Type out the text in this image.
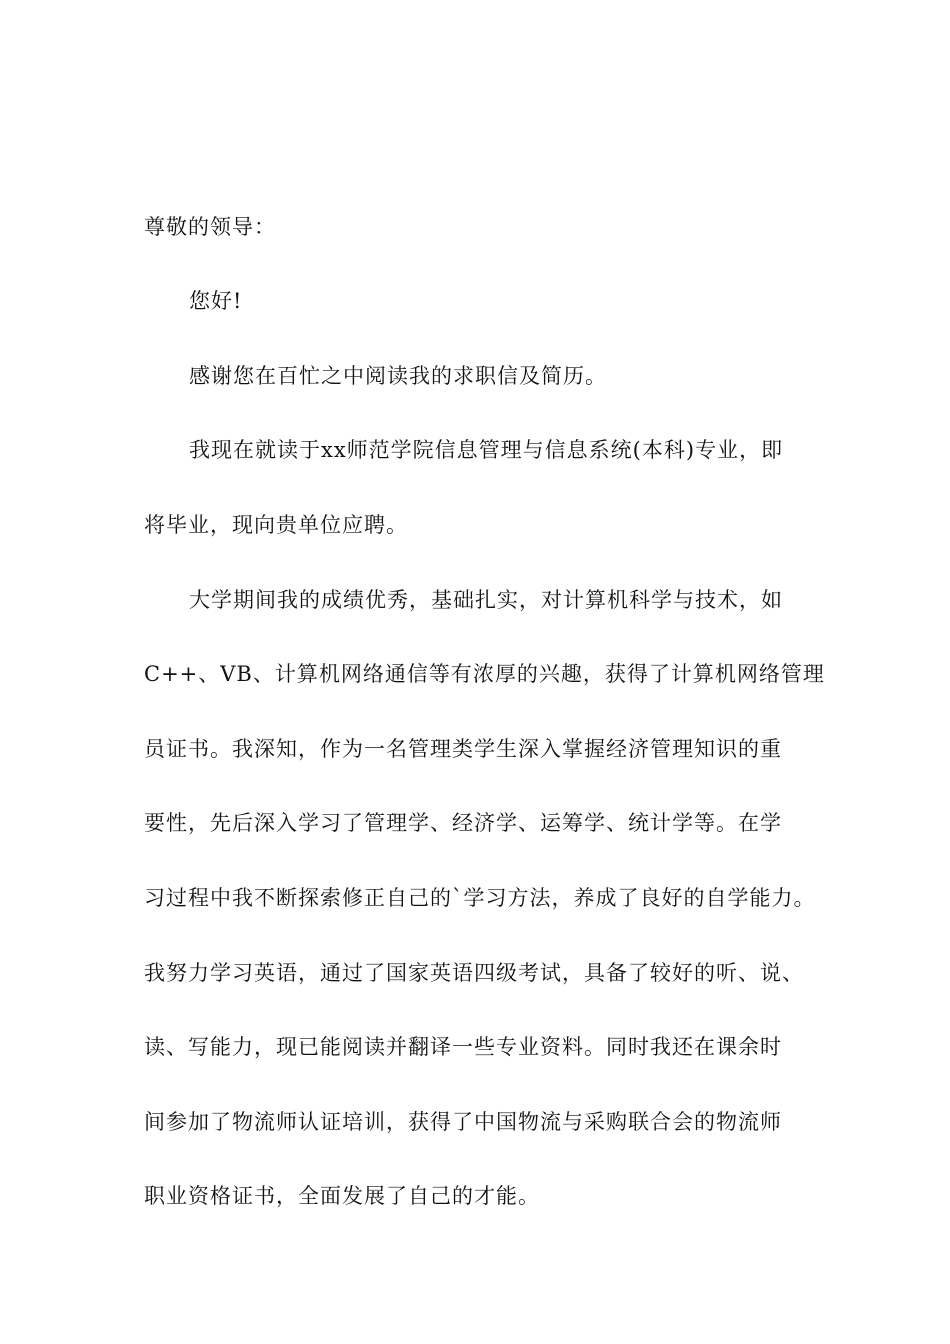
尊敬的领导：

您好!

感谢您在百忙之中阅读我的求职信及简历。

我现在就读于xx师范学院信息管理与信息系统(本科)专业，即

将毕业，现向贵单位应聘。

大学期间我的成绩优秀，基础扎实，对计算机科学与技术，如

C++、VB、计算机网络通信等有浓厚的兴趣，获得了计算机网络管理

员证书。我深知，作为一名管理类学生深入掌握经济管理知识的重

要性，先后深入学习了管理学、经济学、运筹学、统计学等。在学

习过程中我不断探索修正自己的`学习方法，养成了良好的自学能力。

我努力学习英语，通过了国家英语四级考试，具备了较好的听、说、

读、写能力，现已能阅读并翻译一些专业资料。同时我还在课余时

间参加了物流师认证培训，获得了中国物流与采购联合会的物流师

职业资格证书，全面发展了自己的才能。
